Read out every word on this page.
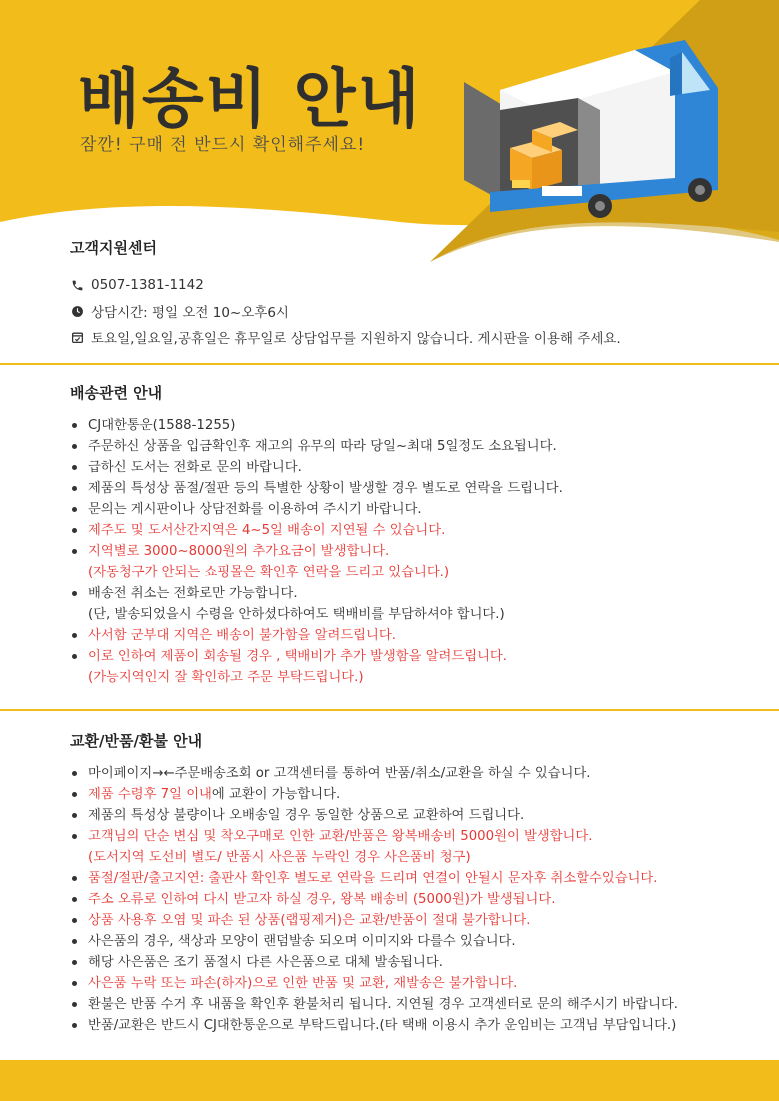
배송비 안내
잠깐! 구매 전 반드시 확인해주세요!
고객지원센터
0507-1381-1142
상담시간: 평일 오전 10~오후6시
토요일,일요일,공휴일은 휴무일로 상담업무를 지원하지 않습니다. 게시판을 이용해 주세요.
배송관련 안내
CJ대한통운(1588-1255)
주문하신 상품을 입금확인후 재고의 유무의 따라 당일~최대 5일정도 소요됩니다.
급하신 도서는 전화로 문의 바랍니다.
제품의 특성상 품절/절판 등의 특별한 상황이 발생할 경우 별도로 연락을 드립니다.
문의는 게시판이나 상담전화를 이용하여 주시기 바랍니다.
제주도 및 도서산간지역은 4~5일 배송이 지연될 수 있습니다.
지역별로 3000~8000원의 추가요금이 발생합니다.
(자동청구가 안되는 쇼핑몰은 확인후 연락을 드리고 있습니다.)
배송전 취소는 전화로만 가능합니다.
(단, 발송되었을시 수령을 안하셨다하여도 택배비를 부담하셔야 합니다.)
사서함 군부대 지역은 배송이 불가함을 알려드립니다.
이로 인하여 제품이 회송될 경우 , 택배비가 추가 발생함을 알려드립니다.
(가능지역인지 잘 확인하고 주문 부탁드립니다.)
교환/반품/환불 안내
마이페이지→←주문배송조회 or 고객센터를 통하여 반품/취소/교환을 하실 수 있습니다.
제품 수령후 7일 이내에 교환이 가능합니다.
제품의 특성상 불량이나 오배송일 경우 동일한 상품으로 교환하여 드립니다.
고객님의 단순 변심 및 착오구매로 인한 교환/반품은 왕복배송비 5000원이 발생합니다.
(도서지역 도선비 별도/ 반품시 사은품 누락인 경우 사은품비 청구)
품절/절판/출고지연: 출판사 확인후 별도로 연락을 드리며 연결이 안될시 문자후 취소할수있습니다.
주소 오류로 인하여 다시 받고자 하실 경우, 왕복 배송비 (5000원)가 발생됩니다.
상품 사용후 오염 및 파손 된 상품(랩핑제거)은 교환/반품이 절대 불가합니다.
사은품의 경우, 색상과 모양이 랜덤발송 되오며 이미지와 다를수 있습니다.
해당 사은품은 조기 품절시 다른 사은품으로 대체 발송됩니다.
사은품 누락 또는 파손(하자)으로 인한 반품 및 교환, 재발송은 불가합니다.
환불은 반품 수거 후 내품을 확인후 환불처리 됩니다. 지연될 경우 고객센터로 문의 해주시기 바랍니다.
반품/교환은 반드시 CJ대한통운으로 부탁드립니다.(타 택배 이용시 추가 운임비는 고객님 부담입니다.)
